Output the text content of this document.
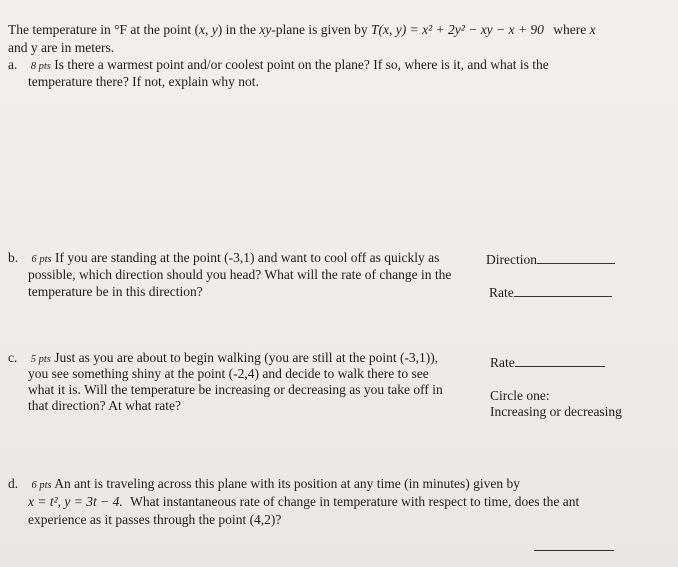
The temperature in °F at the point (x, y) in the xy-plane is given by T(x, y) = x² + 2y² − xy − x + 90 where x
and y are in meters.
a. 8 pts Is there a warmest point and/or coolest point on the plane? If so, where is it, and what is the
temperature there? If not, explain why not.
b. 6 pts If you are standing at the point (-3,1) and want to cool off as quickly as
possible, which direction should you head? What will the rate of change in the
temperature be in this direction?
Direction
Rate
c. 5 pts Just as you are about to begin walking (you are still at the point (-3,1)),
you see something shiny at the point (-2,4) and decide to walk there to see
what it is. Will the temperature be increasing or decreasing as you take off in
that direction? At what rate?
Rate
Circle one:
Increasing or decreasing
d. 6 pts An ant is traveling across this plane with its position at any time (in minutes) given by
x = t², y = 3t − 4. What instantaneous rate of change in temperature with respect to time, does the ant
experience as it passes through the point (4,2)?
